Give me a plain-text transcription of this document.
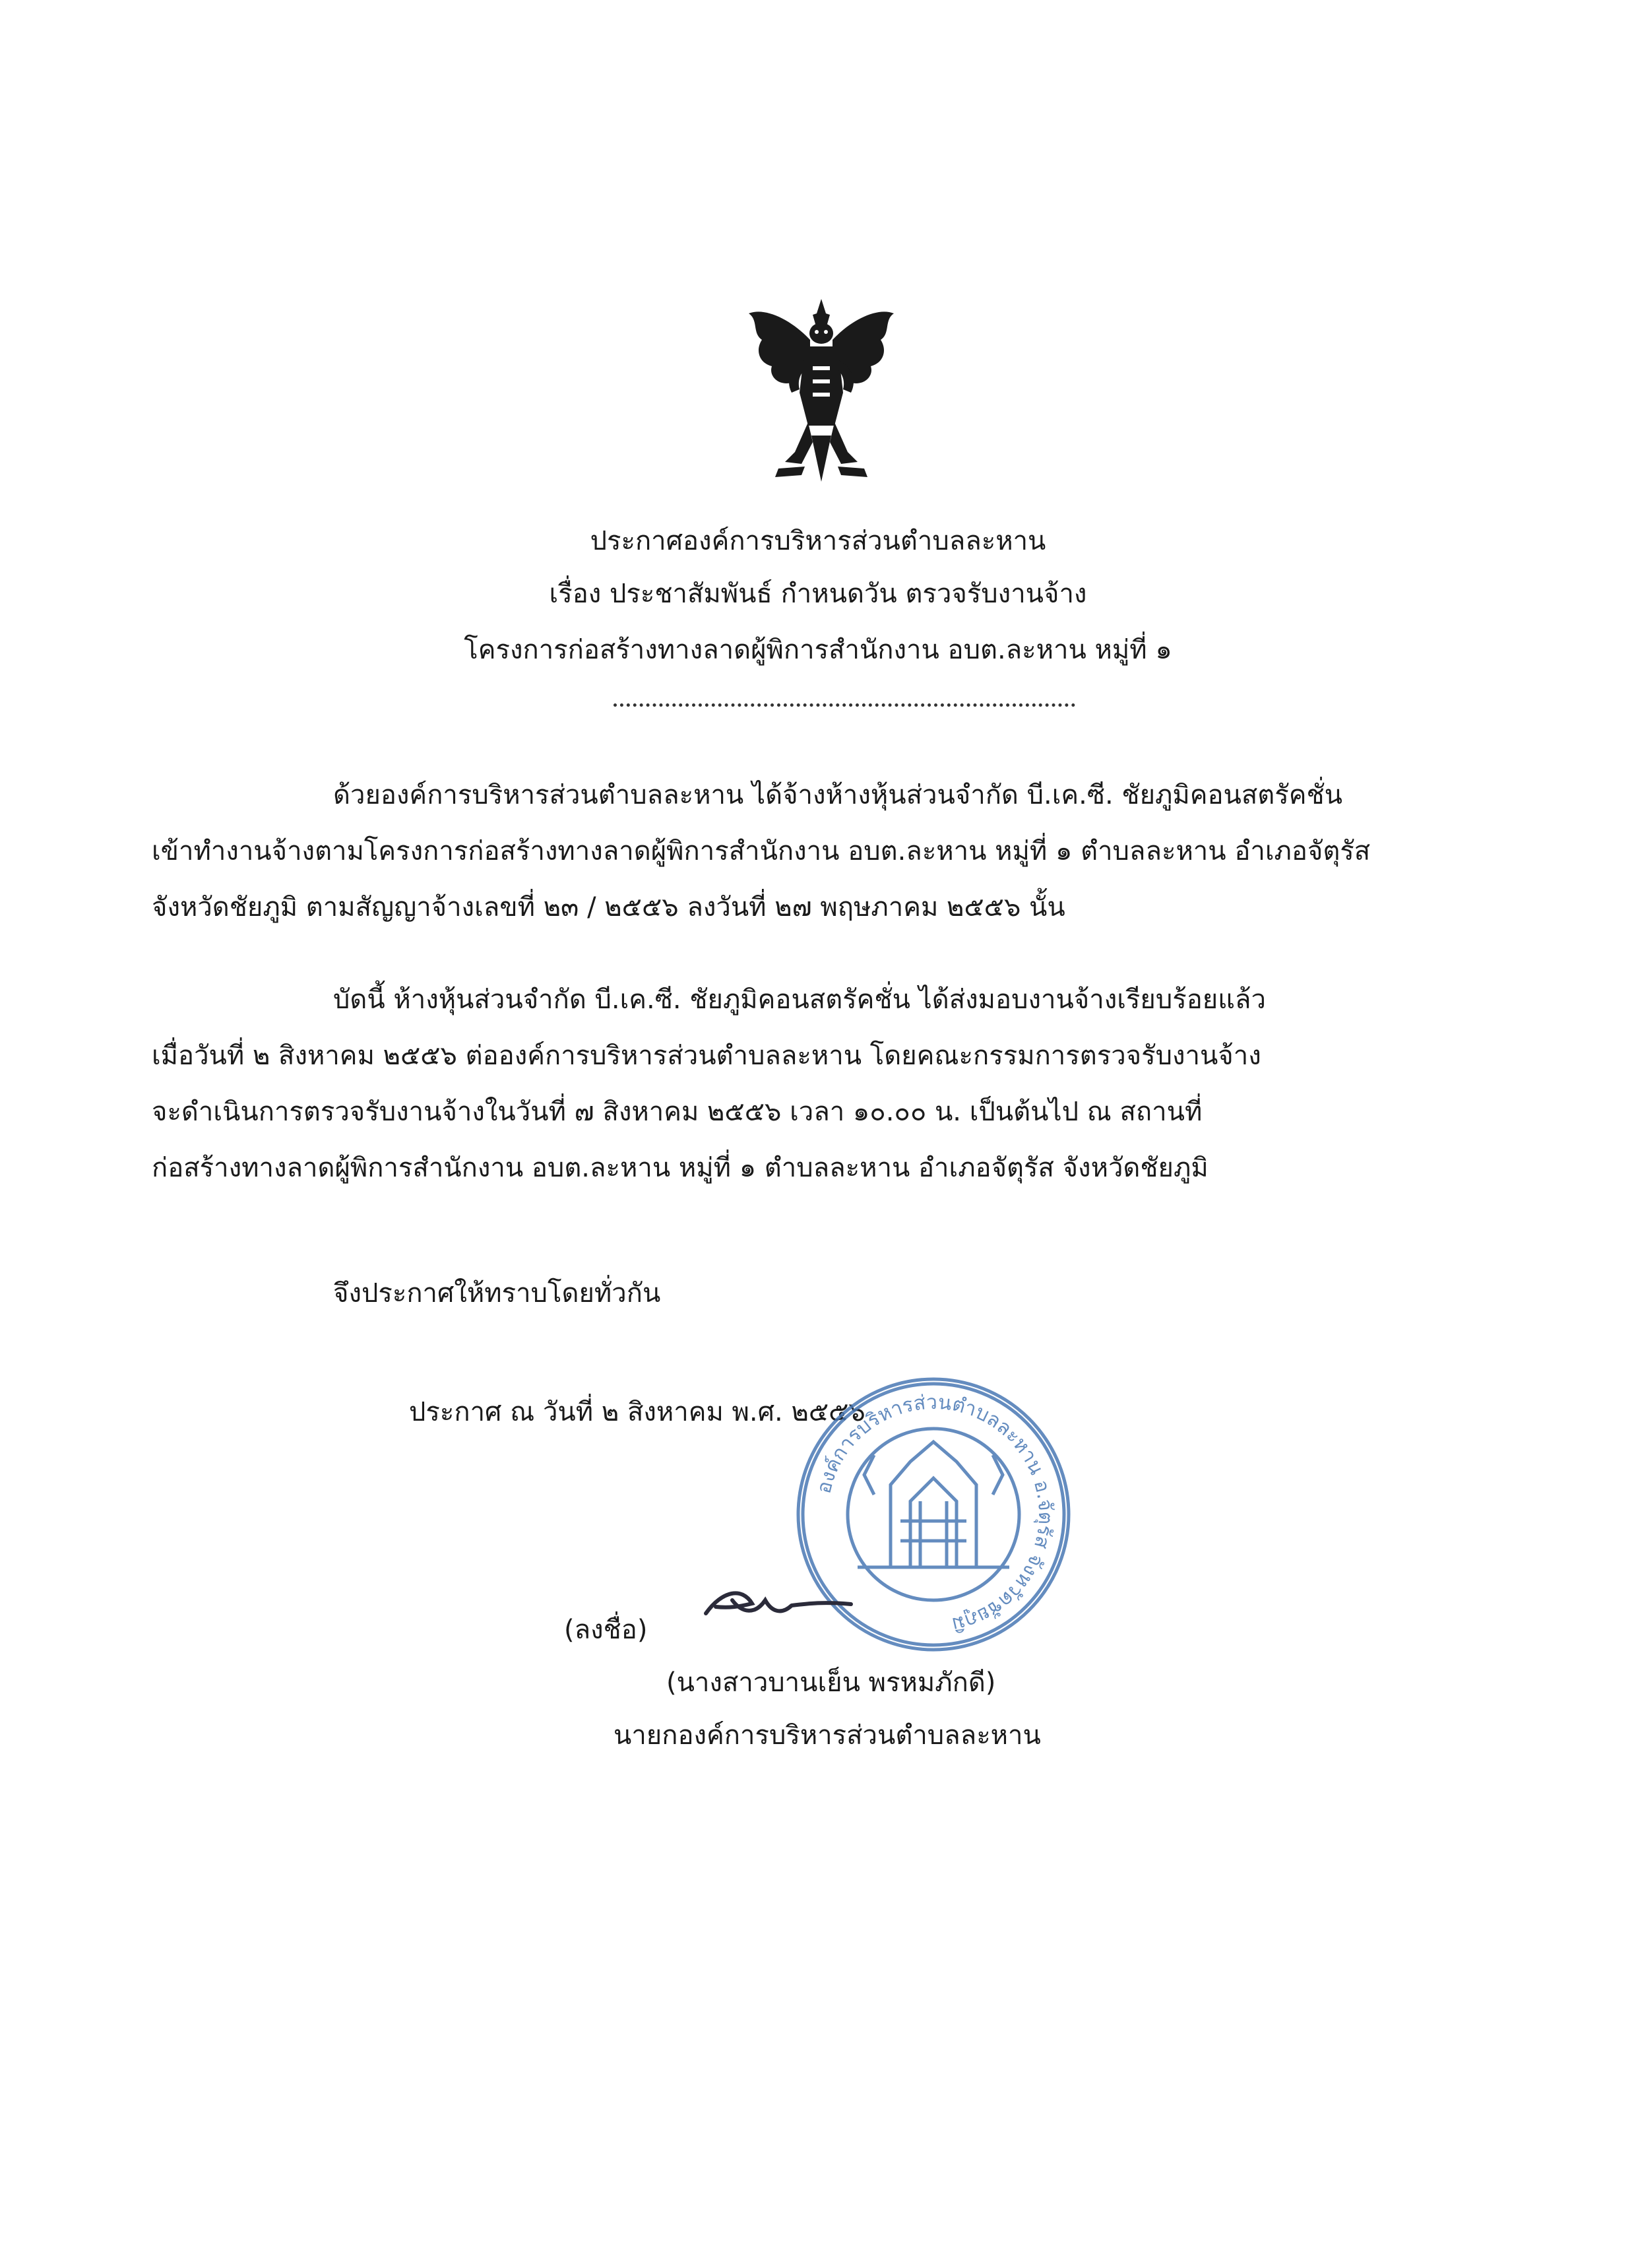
ประกาศองค์การบริหารส่วนตำบลละหาน
เรื่อง ประชาสัมพันธ์ กำหนดวัน ตรวจรับงานจ้าง
โครงการก่อสร้างทางลาดผู้พิการสำนักงาน อบต.ละหาน หมู่ที่ ๑
ด้วยองค์การบริหารส่วนตำบลละหาน ได้จ้างห้างหุ้นส่วนจำกัด บี.เค.ซี. ชัยภูมิคอนสตรัคชั่น
เข้าทำงานจ้างตามโครงการก่อสร้างทางลาดผู้พิการสำนักงาน อบต.ละหาน หมู่ที่ ๑ ตำบลละหาน อำเภอจัตุรัส
จังหวัดชัยภูมิ ตามสัญญาจ้างเลขที่ ๒๓ / ๒๕๕๖ ลงวันที่ ๒๗ พฤษภาคม ๒๕๕๖ นั้น
บัดนี้ ห้างหุ้นส่วนจำกัด บี.เค.ซี. ชัยภูมิคอนสตรัคชั่น ได้ส่งมอบงานจ้างเรียบร้อยแล้ว
เมื่อวันที่ ๒ สิงหาคม ๒๕๕๖ ต่อองค์การบริหารส่วนตำบลละหาน โดยคณะกรรมการตรวจรับงานจ้าง
จะดำเนินการตรวจรับงานจ้างในวันที่ ๗ สิงหาคม ๒๕๕๖ เวลา ๑๐.๐๐ น. เป็นต้นไป ณ สถานที่
ก่อสร้างทางลาดผู้พิการสำนักงาน อบต.ละหาน หมู่ที่ ๑ ตำบลละหาน อำเภอจัตุรัส จังหวัดชัยภูมิ
จึงประกาศให้ทราบโดยทั่วกัน
ประกาศ ณ วันที่ ๒ สิงหาคม พ.ศ. ๒๕๕๖
องค์การบริหารส่วนตำบลละหาน อ.จัตุรัส จังหวัดชัยภูมิ
(ลงชื่อ)
(นางสาวบานเย็น พรหมภักดี)
นายกองค์การบริหารส่วนตำบลละหาน
